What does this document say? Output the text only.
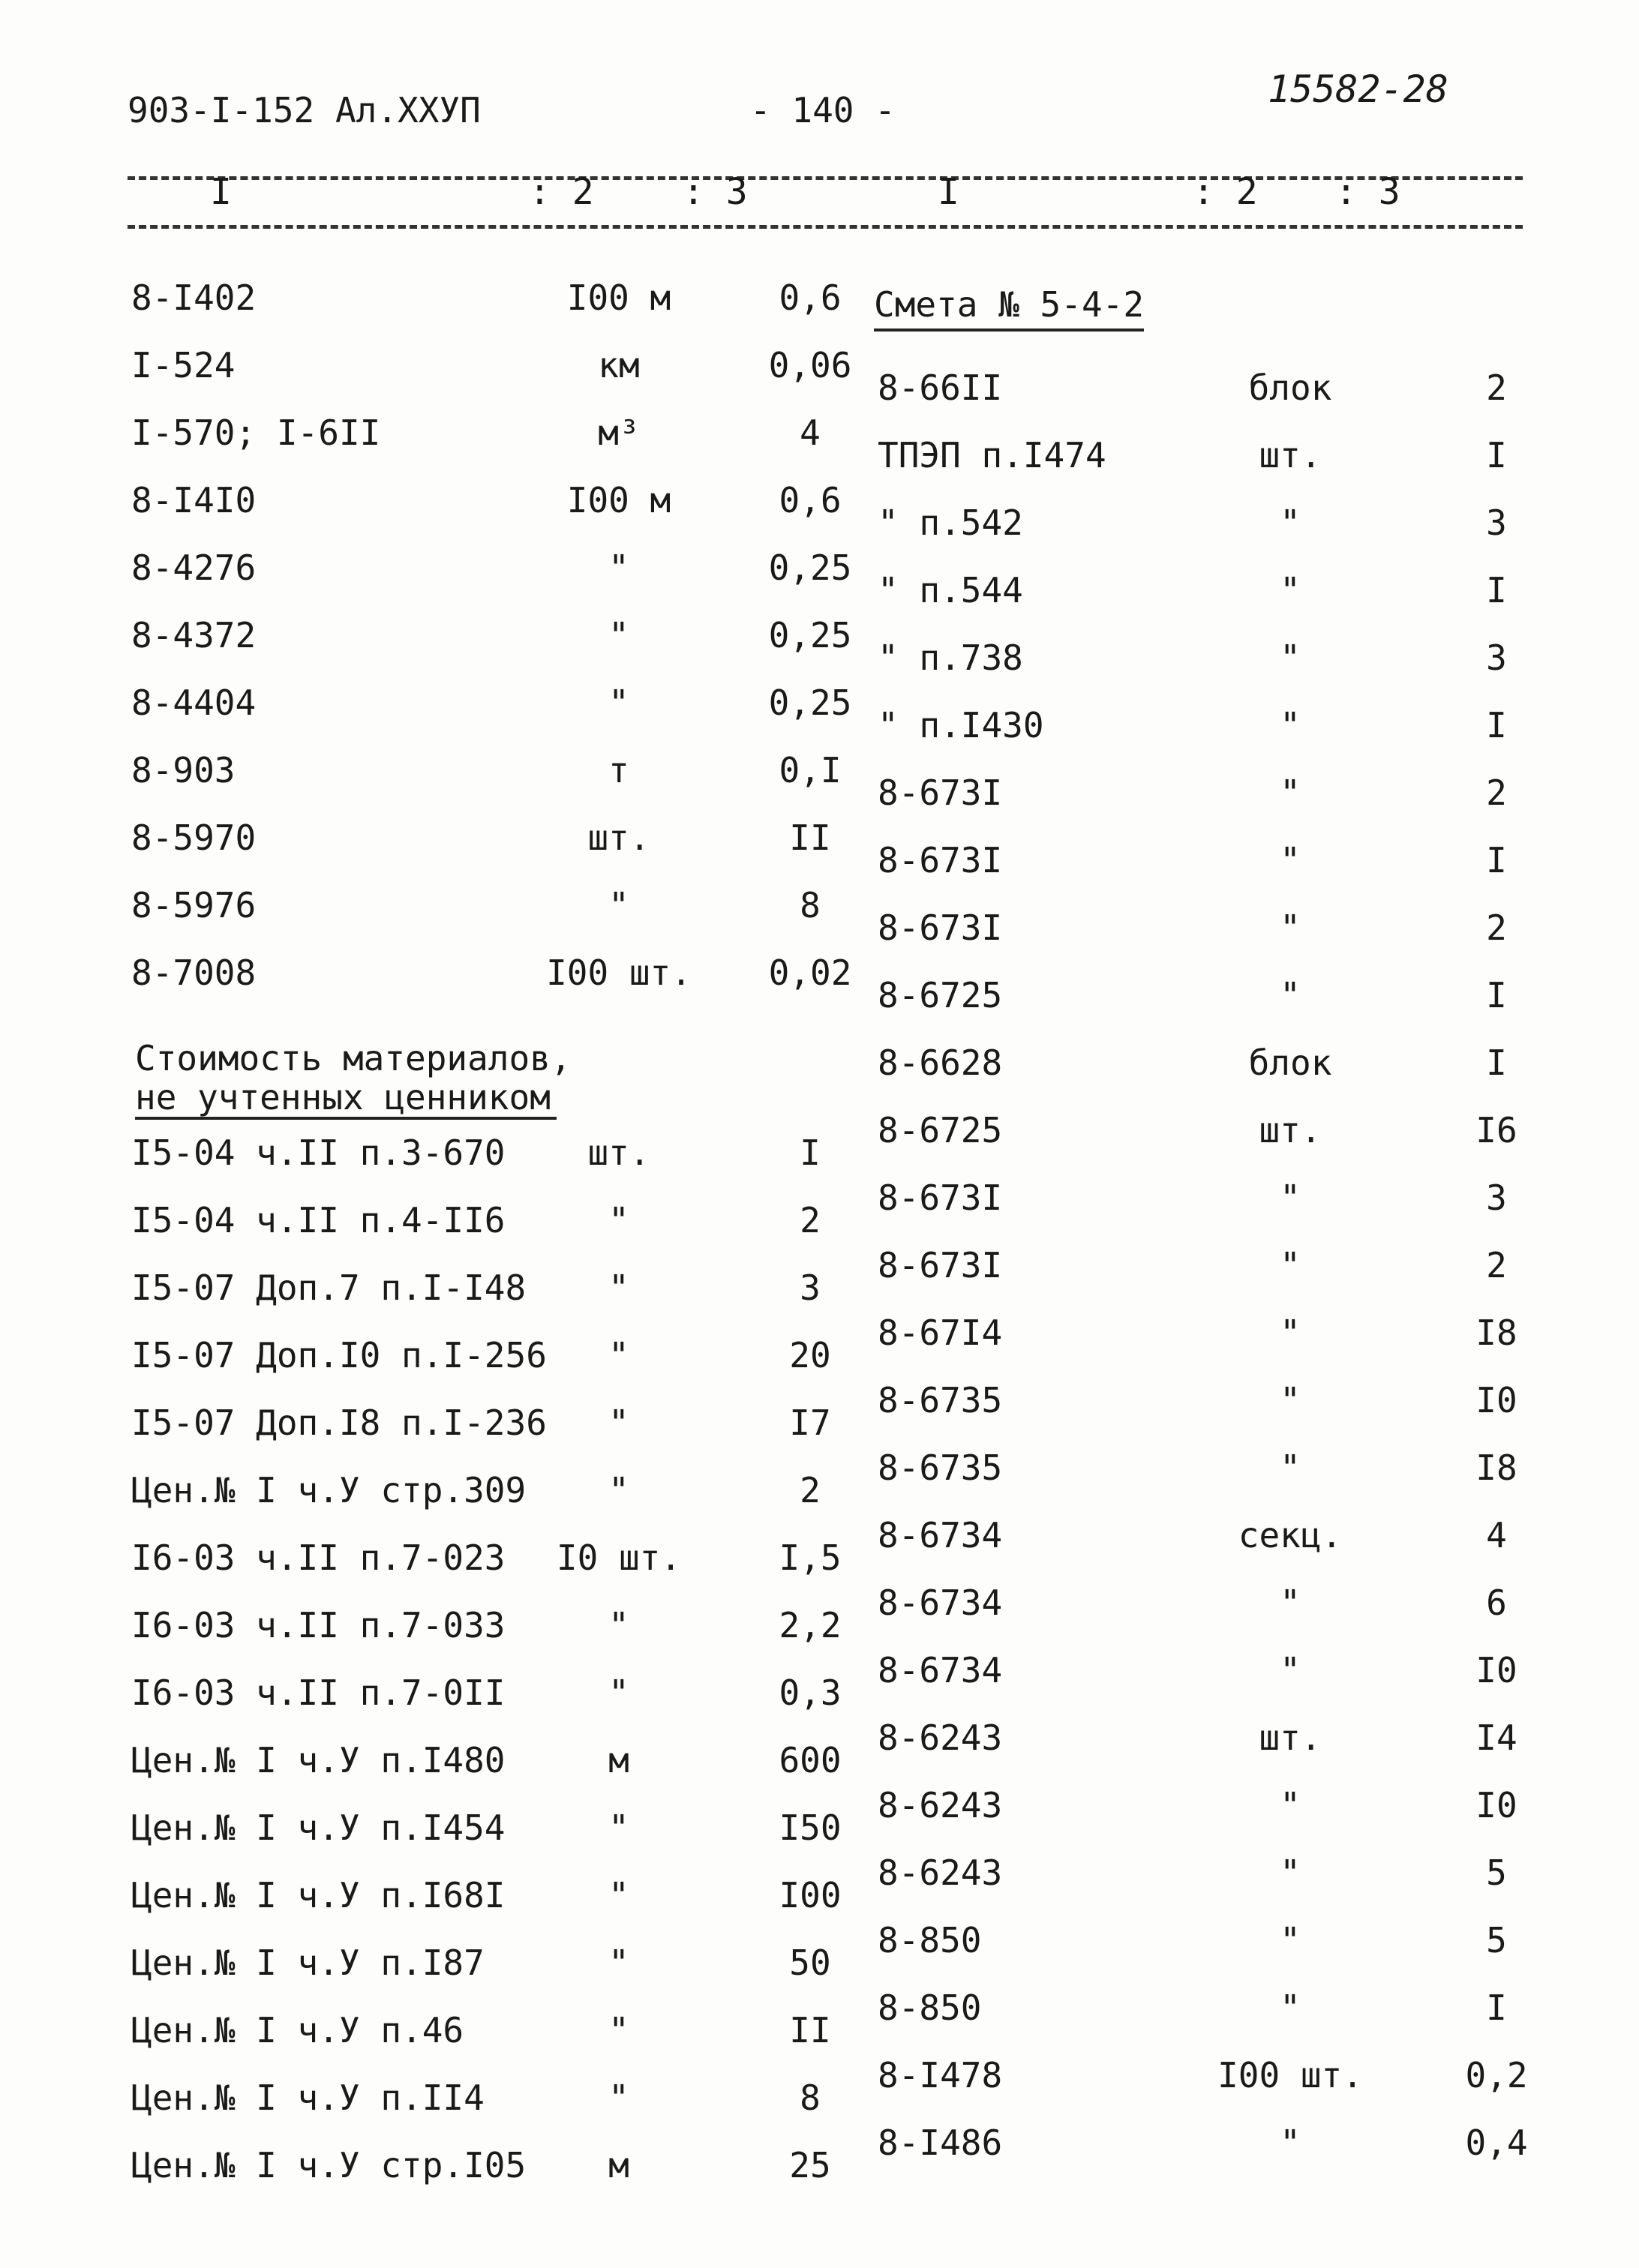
903-I-152 Ал.XXУП	- 140 -	15582-28
I	: 2 : 3	I	: 2 : 3
8-I402	I00 м	0,6
I-524	км	0,06
I-570; I-6II	м³	4
8-I4I0	I00 м	0,6
8-4276	"	0,25
8-4372	"	0,25
8-4404	"	0,25
8-903	т	0,I
8-5970	шт.	II
8-5976	"	8
8-7008	I00 шт.	0,02
Стоимость материалов,
не учтенных ценником
I5-04 ч.II п.3-670	шт.	I
I5-04 ч.II п.4-II6	"	2
I5-07 Доп.7 п.I-I48	"	3
I5-07 Доп.I0 п.I-256	"	20
I5-07 Доп.I8 п.I-236	"	I7
Цен.№ I ч.У стр.309	"	2
I6-03 ч.II п.7-023	I0 шт.	I,5
I6-03 ч.II п.7-033	"	2,2
I6-03 ч.II п.7-0II	"	0,3
Цен.№ I ч.У п.I480	м	600
Цен.№ I ч.У п.I454	"	I50
Цен.№ I ч.У п.I68I	"	I00
Цен.№ I ч.У п.I87	"	50
Цен.№ I ч.У п.46	"	II
Цен.№ I ч.У п.II4	"	8
Цен.№ I ч.У стр.I05	м	25
Смета № 5-4-2
8-66II	блок	2
ТПЭП п.I474	шт.	I
" п.542	"	3
" п.544	"	I
" п.738	"	3
" п.I430	"	I
8-673I	"	2
8-673I	"	I
8-673I	"	2
8-6725	"	I
8-6628	блок	I
8-6725	шт.	I6
8-673I	"	3
8-673I	"	2
8-67I4	"	I8
8-6735	"	I0
8-6735	"	I8
8-6734	секц.	4
8-6734	"	6
8-6734	"	I0
8-6243	шт.	I4
8-6243	"	I0
8-6243	"	5
8-850	"	5
8-850	"	I
8-I478	I00 шт.	0,2
8-I486	"	0,4
